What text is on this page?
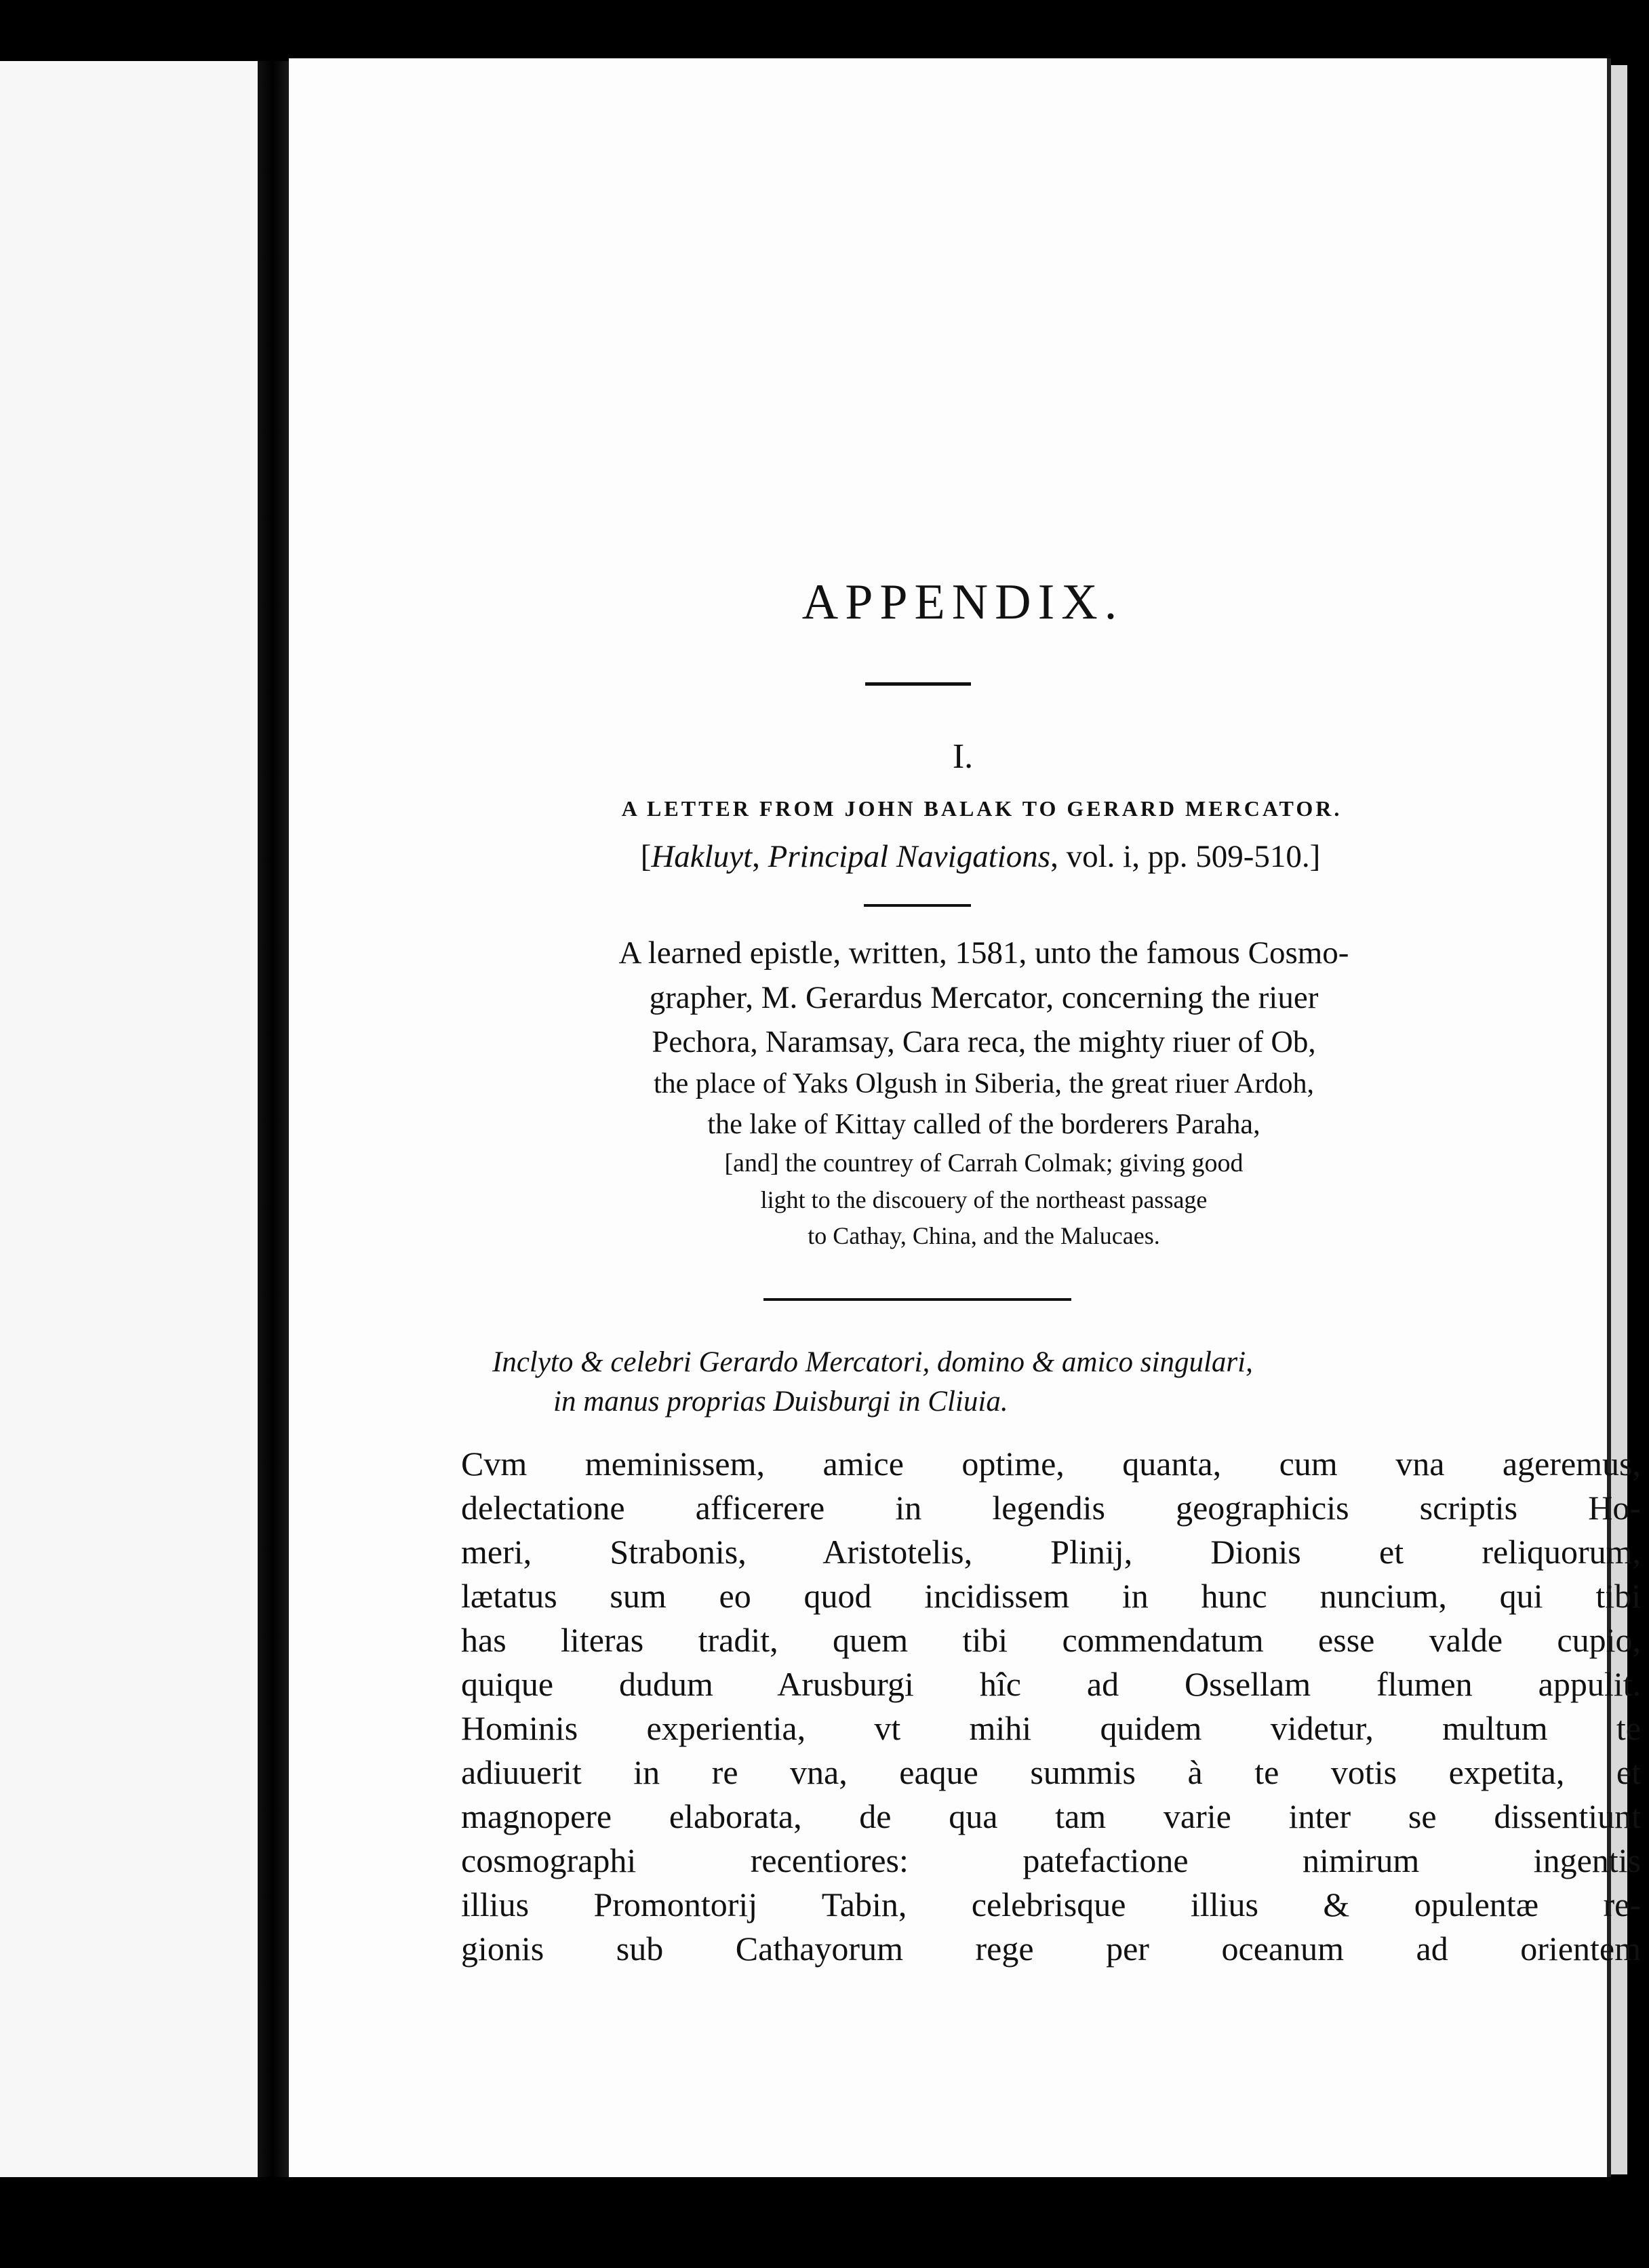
APPENDIX.
I.
A LETTER FROM JOHN BALAK TO GERARD MERCATOR.
[Hakluyt, Principal Navigations, vol. i, pp. 509-510.]
A learned epistle, written, 1581, unto the famous Cosmo-
grapher, M. Gerardus Mercator, concerning the riuer
Pechora, Naramsay, Cara reca, the mighty riuer of Ob,
the place of Yaks Olgush in Siberia, the great riuer Ardoh,
the lake of Kittay called of the borderers Paraha,
[and] the countrey of Carrah Colmak; giving good
light to the discouery of the northeast passage
to Cathay, China, and the Malucaes.
Inclyto & celebri Gerardo Mercatori, domino & amico singulari,
in manus proprias Duisburgi in Cliuia.
Cvm meminissem, amice optime, quanta, cum vna ageremus,
delectatione afficerere in legendis geographicis scriptis Ho-
meri, Strabonis, Aristotelis, Plinij, Dionis et reliquorum,
lætatus sum eo quod incidissem in hunc nuncium, qui tibi
has literas tradit, quem tibi commendatum esse valde cupio,
quique dudum Arusburgi hîc ad Ossellam flumen appulit.
Hominis experientia, vt mihi quidem videtur, multum te
adiuuerit in re vna, eaque summis à te votis expetita, et
magnopere elaborata, de qua tam varie inter se dissentiunt
cosmographi recentiores: patefactione nimirum ingentis
illius Promontorij Tabin, celebrisque illius & opulentæ re-
gionis sub Cathayorum rege per oceanum ad orientem
